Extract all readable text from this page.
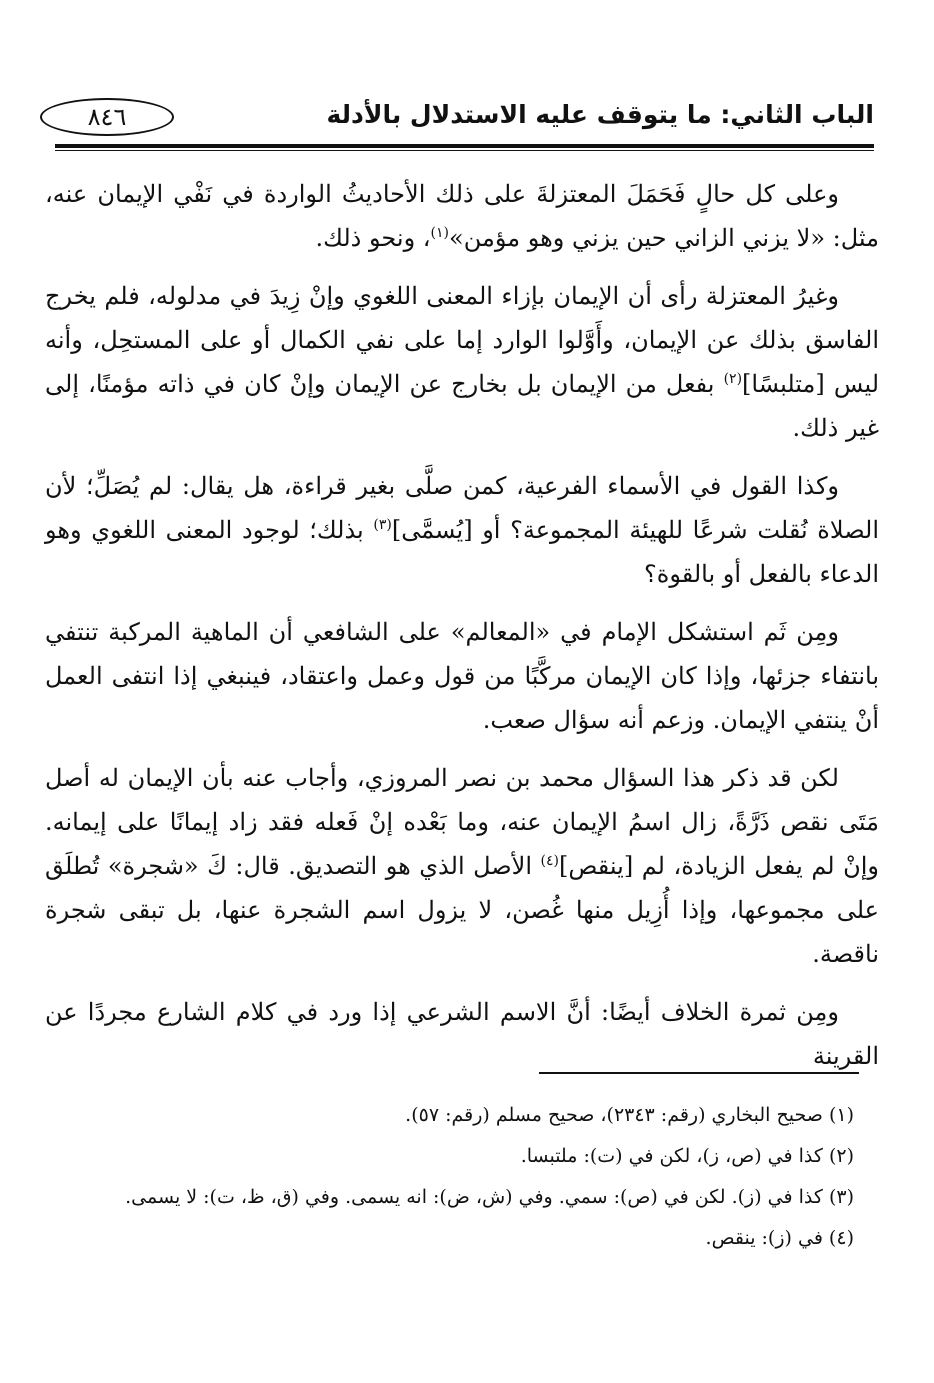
الباب الثاني: ما يتوقف عليه الاستدلال بالأدلة
٨٤٦

وعلى كل حالٍ فَحَمَلَ المعتزلةَ على ذلك الأحاديثُ الواردة في نَفْي الإيمان عنه، مثل: «لا يزني الزاني حين يزني وهو مؤمن»$^{(١)}$، ونحو ذلك.

وغيرُ المعتزلة رأى أن الإيمان بإزاء المعنى اللغوي وإنْ زِيدَ في مدلوله، فلم يخرج الفاسق بذلك عن الإيمان، وأَوَّلوا الوارد إما على نفي الكمال أو على المستحِل، وأنه ليس [متلبسًا]$^{(٢)}$ بفعل من الإيمان بل بخارج عن الإيمان وإنْ كان في ذاته مؤمنًا، إلى غير ذلك.

وكذا القول في الأسماء الفرعية، كمن صلَّى بغير قراءة، هل يقال: لم يُصَلِّ؛ لأن الصلاة نُقلت شرعًا للهيئة المجموعة؟ أو [يُسمَّى]$^{(٣)}$ بذلك؛ لوجود المعنى اللغوي وهو الدعاء بالفعل أو بالقوة؟

ومِن ثَم استشكل الإمام في «المعالم» على الشافعي أن الماهية المركبة تنتفي بانتفاء جزئها، وإذا كان الإيمان مركَّبًا من قول وعمل واعتقاد، فينبغي إذا انتفى العمل أنْ ينتفي الإيمان. وزعم أنه سؤال صعب.

لكن قد ذكر هذا السؤال محمد بن نصر المروزي، وأجاب عنه بأن الإيمان له أصل مَتَى نقص ذَرَّةً، زال اسمُ الإيمان عنه، وما بَعْده إنْ فَعله فقد زاد إيمانًا على إيمانه. وإنْ لم يفعل الزيادة، لم [ينقص]$^{(٤)}$ الأصل الذي هو التصديق. قال: كَ «شجرة» تُطلَق على مجموعها، وإذا أُزِيل منها غُصن، لا يزول اسم الشجرة عنها، بل تبقى شجرة ناقصة.

ومِن ثمرة الخلاف أيضًا: أنَّ الاسم الشرعي إذا ورد في كلام الشارع مجردًا عن القرينة

(١) صحيح البخاري (رقم: ٢٣٤٣)، صحيح مسلم (رقم: ٥٧).

(٢) كذا في (ص، ز)، لكن في (ت): ملتبسا.

(٣) كذا في (ز). لكن في (ص): سمي. وفي (ش، ض): انه يسمى. وفي (ق، ظ، ت): لا يسمى.

(٤) في (ز): ينقص.
